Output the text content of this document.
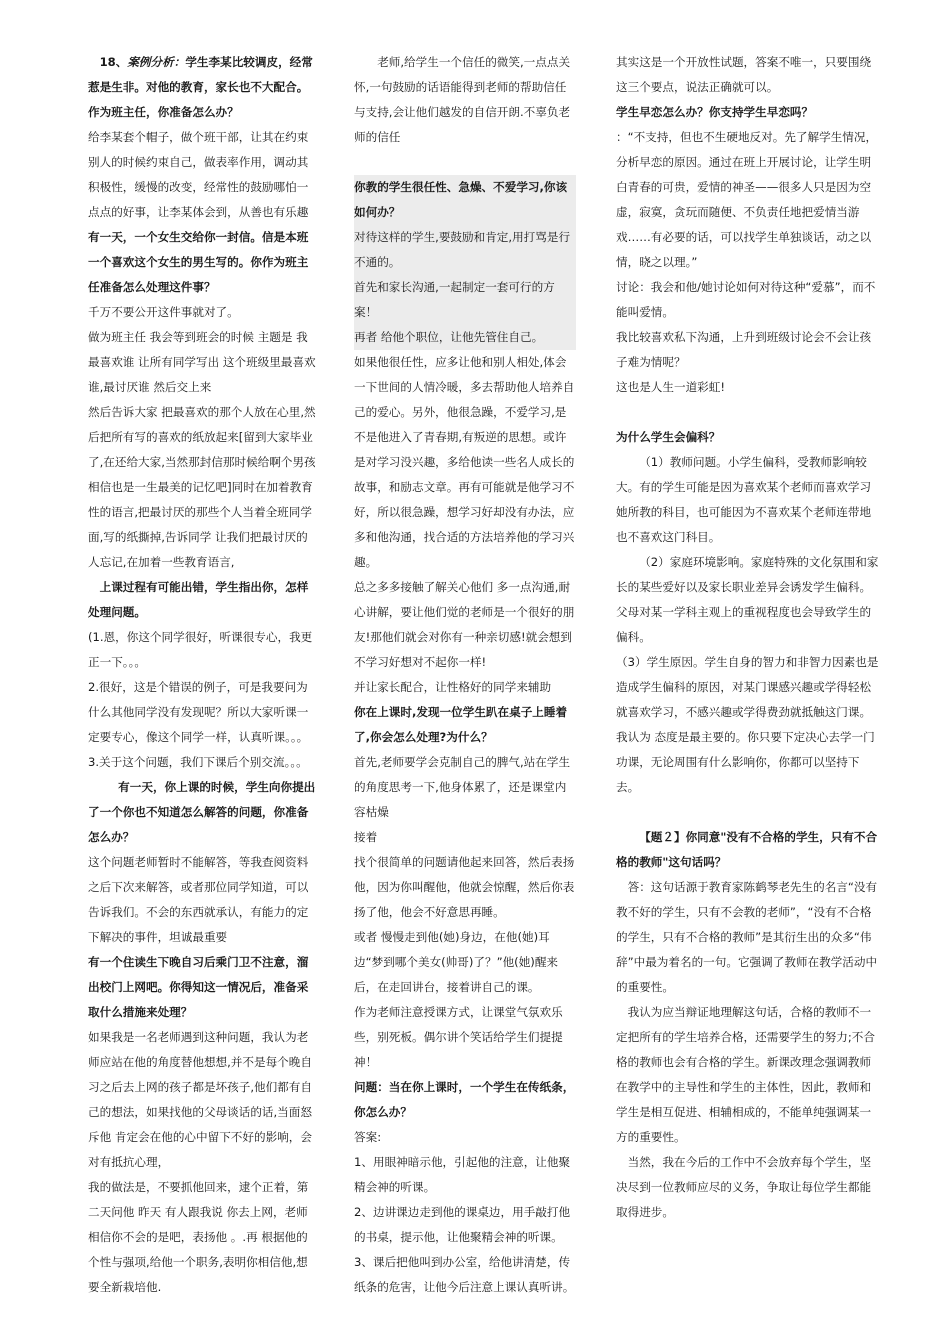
18、案例分析：学生李某比较调皮，经常惹是生非。对他的教育，家长也不大配合。作为班主任，你准备怎么办？

给李某套个帽子，做个班干部，让其在约束别人的时候约束自己，做表率作用，调动其积极性，缓慢的改变，经常性的鼓励哪怕一点点的好事，让李某体会到，从善也有乐趣

有一天，一个女生交给你一封信。信是本班一个喜欢这个女生的男生写的。你作为班主任准备怎么处理这件事？

千万不要公开这件事就对了。

做为班主任 我会等到班会的时候 主题是 我最喜欢谁 让所有同学写出 这个班级里最喜欢谁,最讨厌谁 然后交上来

然后告诉大家 把最喜欢的那个人放在心里,然后把所有写的喜欢的纸放起来[留到大家毕业了,在还给大家,当然那封信那时候给啊个男孩相信也是一生最美的记忆吧]同时在加着教育性的语言,把最讨厌的那些个人当着全班同学面,写的纸撕掉,告诉同学 让我们把最讨厌的人忘记,在加着一些教育语言,

上课过程有可能出错，学生指出你，怎样处理问题。

(1.恩，你这个同学很好，听课很专心，我更正一下。。。

2.很好，这是个错误的例子，可是我要问为什么其他同学没有发现呢？所以大家听课一定要专心，像这个同学一样，认真听课。。。

3.关于这个问题，我们下课后个别交流。。。

有一天，你上课的时候，学生向你提出了一个你也不知道怎么解答的问题，你准备怎么办？

这个问题老师暂时不能解答，等我查阅资料之后下次来解答，或者那位同学知道，可以告诉我们。不会的东西就承认，有能力的定下解决的事件，坦诚最重要

有一个住读生下晚自习后乘门卫不注意，溜出校门上网吧。你得知这一情况后，准备采取什么措施来处理？

如果我是一名老师遇到这种问题，我认为老师应站在他的角度替他想想,并不是每个晚自习之后去上网的孩子都是坏孩子,他们都有自己的想法，如果找他的父母谈话的话,当面怒斥他 肯定会在他的心中留下不好的影响，会对有抵抗心理，

我的做法是，不要抓他回来，逮个正着，第二天问他 昨天 有人跟我说 你去上网，老师相信你不会的是吧，表扬他 。.再 根据他的个性与强项,给他一个职务,表明你相信他,想要全新栽培他.

老师,给学生一个信任的微笑,一点点关怀,一句鼓励的话语能得到老师的帮助信任与支持,会让他们越发的自信开朗.不辜负老师的信任

你教的学生很任性、急燥、不爱学习,你该如何办？

对待这样的学生,要鼓励和肯定,用打骂是行不通的。

首先和家长沟通,一起制定一套可行的方案！

再者 给他个职位，让他先管住自己。

如果他很任性，应多让他和别人相处,体会一下世间的人情冷暖，多去帮助他人培养自己的爱心。另外，他很急躁，不爱学习,是不是他进入了青春期,有叛逆的思想。或许是对学习没兴趣，多给他读一些名人成长的故事，和励志文章。再有可能就是他学习不好，所以很急躁，想学习好却没有办法，应多和他沟通，找合适的方法培养他的学习兴趣。

总之多多接触了解关心他们 多一点沟通,耐心讲解，要让他们觉的老师是一个很好的朋友!那他们就会对你有一种亲切感!就会想到不学习好想对不起你一样!

并让家长配合，让性格好的同学来辅助

你在上课时,发现一位学生趴在桌子上睡着了,你会怎么处理?为什么？

首先,老师要学会克制自己的脾气,站在学生的角度思考一下,他身体累了，还是课堂内容枯燥

接着

找个很简单的问题请他起来回答，然后表扬他，因为你叫醒他，他就会惊醒，然后你表扬了他，他会不好意思再睡。

或者 慢慢走到他(她)身边，在他(她)耳边“梦到哪个美女(帅哥)了？”他(她)醒来后，在走回讲台，接着讲自己的课。

作为老师注意授课方式，让课堂气氛欢乐些，别死板。偶尔讲个笑话给学生们提提神！

问题：当在你上课时，一个学生在传纸条，你怎么办？

答案:

1、用眼神暗示他，引起他的注意，让他聚精会神的听课。

2、边讲课边走到他的课桌边，用手敲打他的书桌，提示他，让他聚精会神的听课。

3、课后把他叫到办公室，给他讲清楚，传纸条的危害，让他今后注意上课认真听讲。

其实这是一个开放性试题，答案不唯一，只要围绕这三个要点，说法正确就可以。

学生早恋怎么办？你支持学生早恋吗？

：“不支持，但也不生硬地反对。先了解学生情况，分析早恋的原因。通过在班上开展讨论，让学生明白青春的可贵，爱情的神圣——很多人只是因为空虚，寂寞，贪玩而随便、不负责任地把爱情当游戏……有必要的话，可以找学生单独谈话，动之以情，晓之以理。”

讨论：我会和他/她讨论如何对待这种“爱慕”，而不能叫爱情。

我比较喜欢私下沟通，上升到班级讨论会不会让孩子难为情呢？

这也是人生一道彩虹!

为什么学生会偏科？

（1）教师问题。小学生偏科，受教师影响较大。有的学生可能是因为喜欢某个老师而喜欢学习她所教的科目，也可能因为不喜欢某个老师连带地也不喜欢这门科目。

（2）家庭环境影响。家庭特殊的文化氛围和家长的某些爱好以及家长职业差异会诱发学生偏科。父母对某一学科主观上的重视程度也会导致学生的偏科。

（3）学生原因。学生自身的智力和非智力因素也是造成学生偏科的原因，对某门课感兴趣或学得轻松就喜欢学习，不感兴趣或学得费劲就抵触这门课。

我认为 态度是最主要的。你只要下定决心去学一门功课，无论周围有什么影响你，你都可以坚持下去。

【题２】你同意"没有不合格的学生，只有不合格的教师"这句话吗？

答：这句话源于教育家陈鹤琴老先生的名言“没有教不好的学生，只有不会教的老师”，“没有不合格的学生，只有不合格的教师”是其衍生出的众多“伟辞”中最为着名的一句。它强调了教师在教学活动中的重要性。

我认为应当辩证地理解这句话，合格的教师不一定把所有的学生培养合格，还需要学生的努力;不合格的教师也会有合格的学生。新课改理念强调教师在教学中的主导性和学生的主体性，因此，教师和学生是相互促进、相辅相成的，不能单纯强调某一方的重要性。

当然，我在今后的工作中不会放弃每个学生，坚决尽到一位教师应尽的义务，争取让每位学生都能取得进步。
